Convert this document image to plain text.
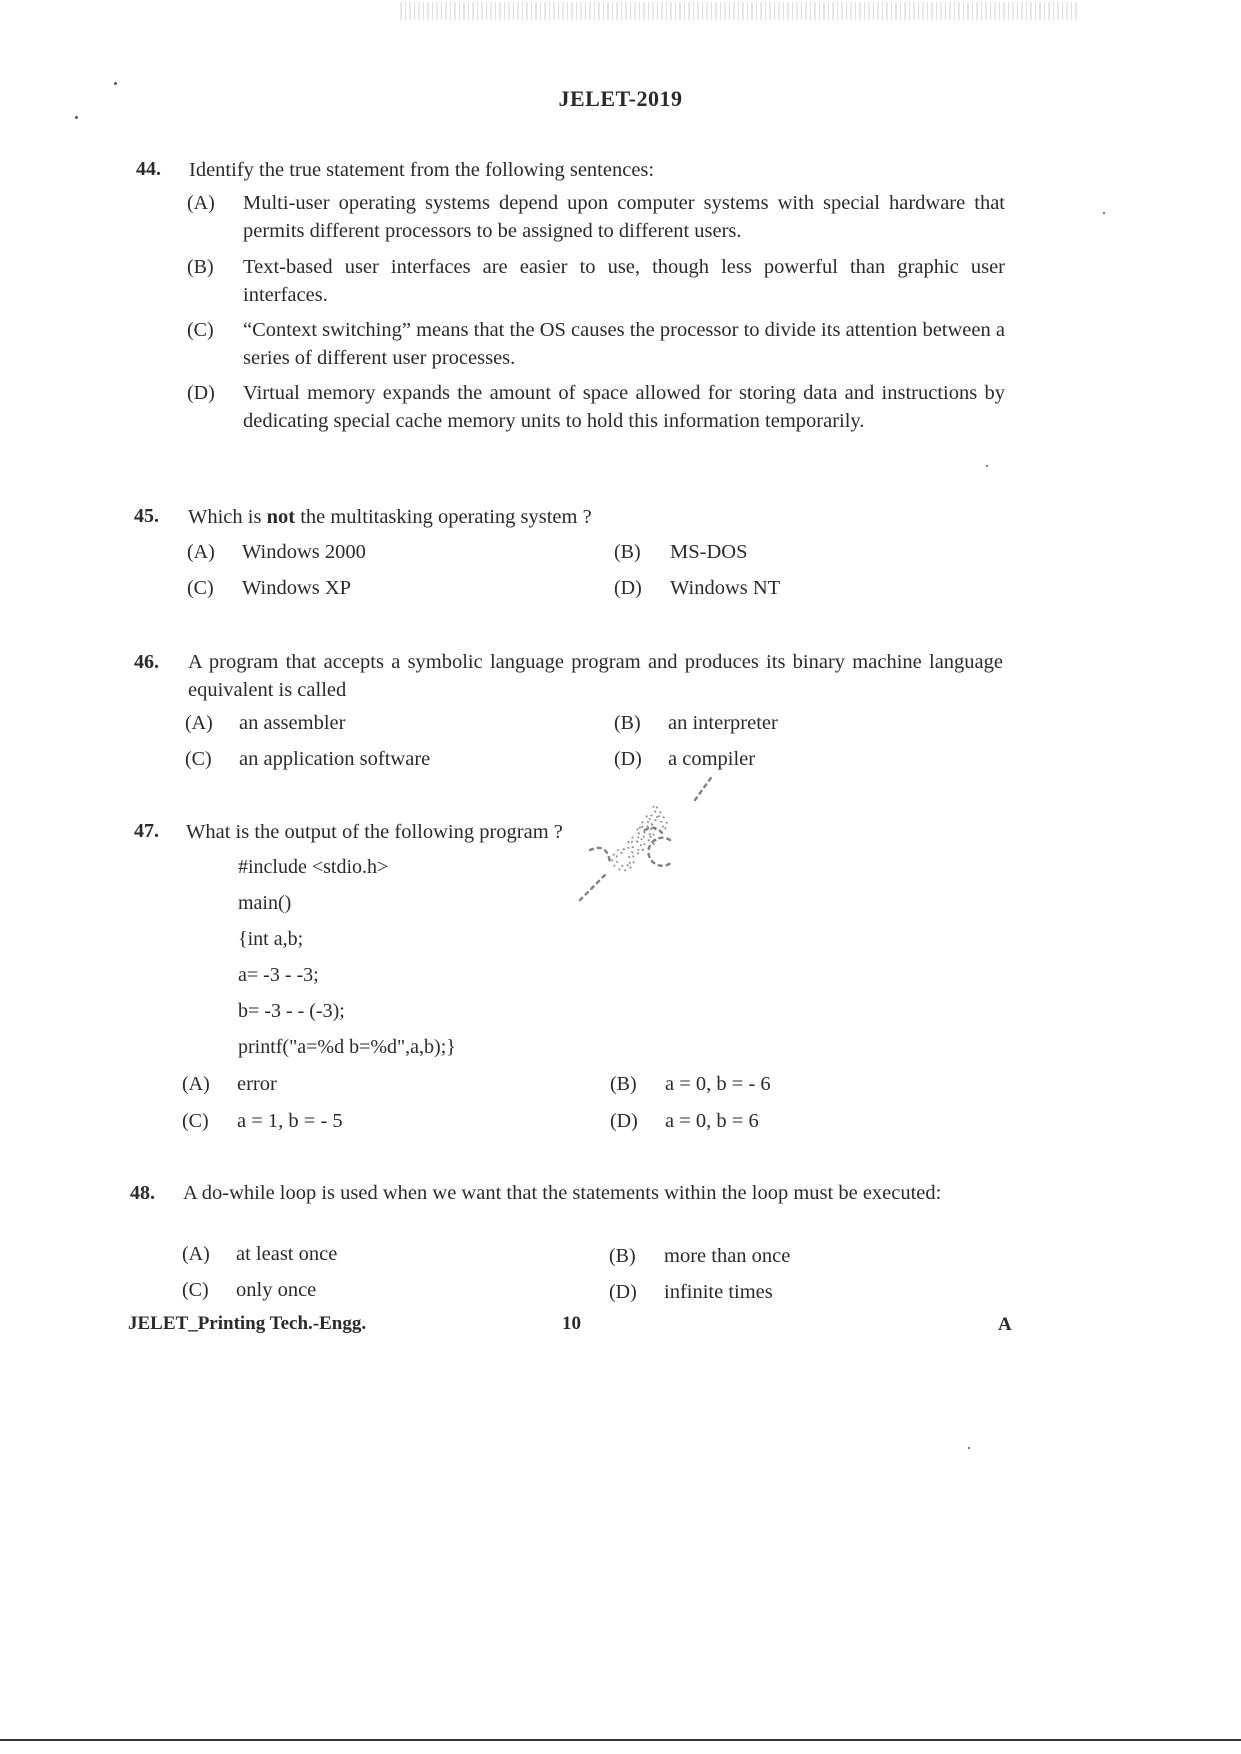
JELET-2019
44. Identify the true statement from the following sentences:
(A) Multi-user operating systems depend upon computer systems with special hardware that permits different processors to be assigned to different users.
(B) Text-based user interfaces are easier to use, though less powerful than graphic user interfaces.
(C) “Context switching” means that the OS causes the processor to divide its attention between a series of different user processes.
(D) Virtual memory expands the amount of space allowed for storing data and instructions by dedicating special cache memory units to hold this information temporarily.
45. Which is not the multitasking operating system ?
(A) Windows 2000	(B) MS-DOS
(C) Windows XP	(D) Windows NT
46. A program that accepts a symbolic language program and produces its binary machine language equivalent is called
(A) an assembler	(B) an interpreter
(C) an application software	(D) a compiler
47. What is the output of the following program ?
#include <stdio.h>
main()
{int a,b;
a= -3 - -3;
b= -3 - - (-3);
printf("a=%d b=%d",a,b);}
(A) error	(B) a = 0, b = - 6
(C) a = 1, b = - 5	(D) a = 0, b = 6
48. A do-while loop is used when we want that the statements within the loop must be executed:
(A) at least once	(B) more than once
(C) only once	(D) infinite times
JELET_Printing Tech.-Engg.	10	A
Copy
